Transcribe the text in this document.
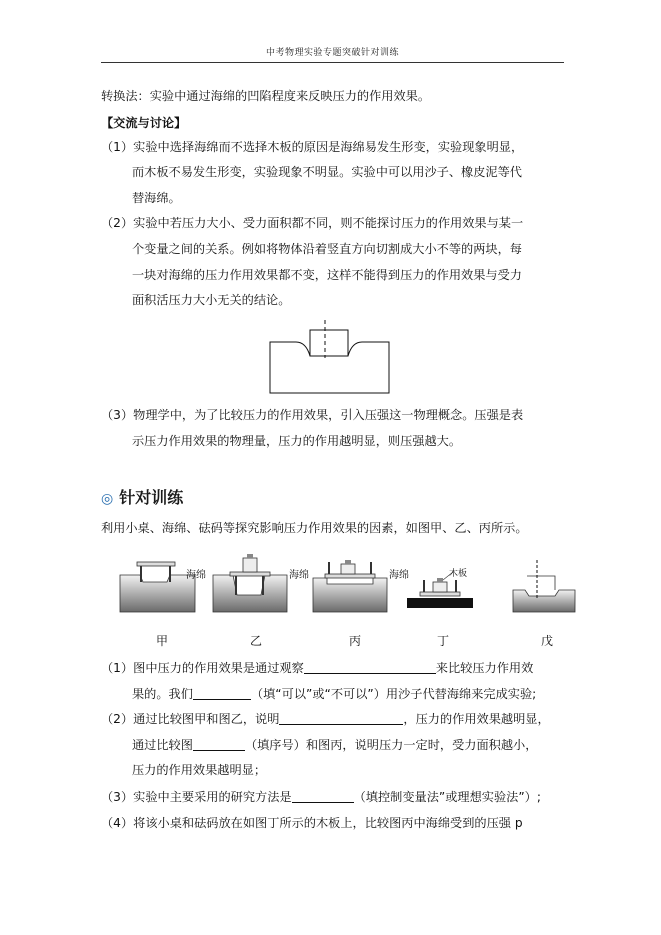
中考物理实验专题突破针对训练
转换法：实验中通过海绵的凹陷程度来反映压力的作用效果。
【交流与讨论】
（1）实验中选择海绵而不选择木板的原因是海绵易发生形变，实验现象明显，
而木板不易发生形变，实验现象不明显。实验中可以用沙子、橡皮泥等代
替海绵。
（2）实验中若压力大小、受力面积都不同，则不能探讨压力的作用效果与某一
个变量之间的关系。例如将物体沿着竖直方向切割成大小不等的两块，每
一块对海绵的压力作用效果都不变，这样不能得到压力的作用效果与受力
面积活压力大小无关的结论。
（3）物理学中，为了比较压力的作用效果，引入压强这一物理概念。压强是表
示压力作用效果的物理量，压力的作用越明显，则压强越大。
◎ 针对训练
利用小桌、海绵、砝码等探究影响压力作用效果的因素，如图甲、乙、丙所示。
海绵	海绵	海绵	木板
甲	乙	丙	丁	戊
（1）图中压力的作用效果是通过观察	来比较压力作用效
果的。我们	（填“可以”或“不可以”）用沙子代替海绵来完成实验;
（2）通过比较图甲和图乙，说明	，压力的作用效果越明显，
通过比较图	（填序号）和图丙，说明压力一定时，受力面积越小，
压力的作用效果越明显；
（3）实验中主要采用的研究方法是	（填控制变量法”或理想实验法”）;
（4）将该小桌和砝码放在如图丁所示的木板上，比较图丙中海绵受到的压强 p
